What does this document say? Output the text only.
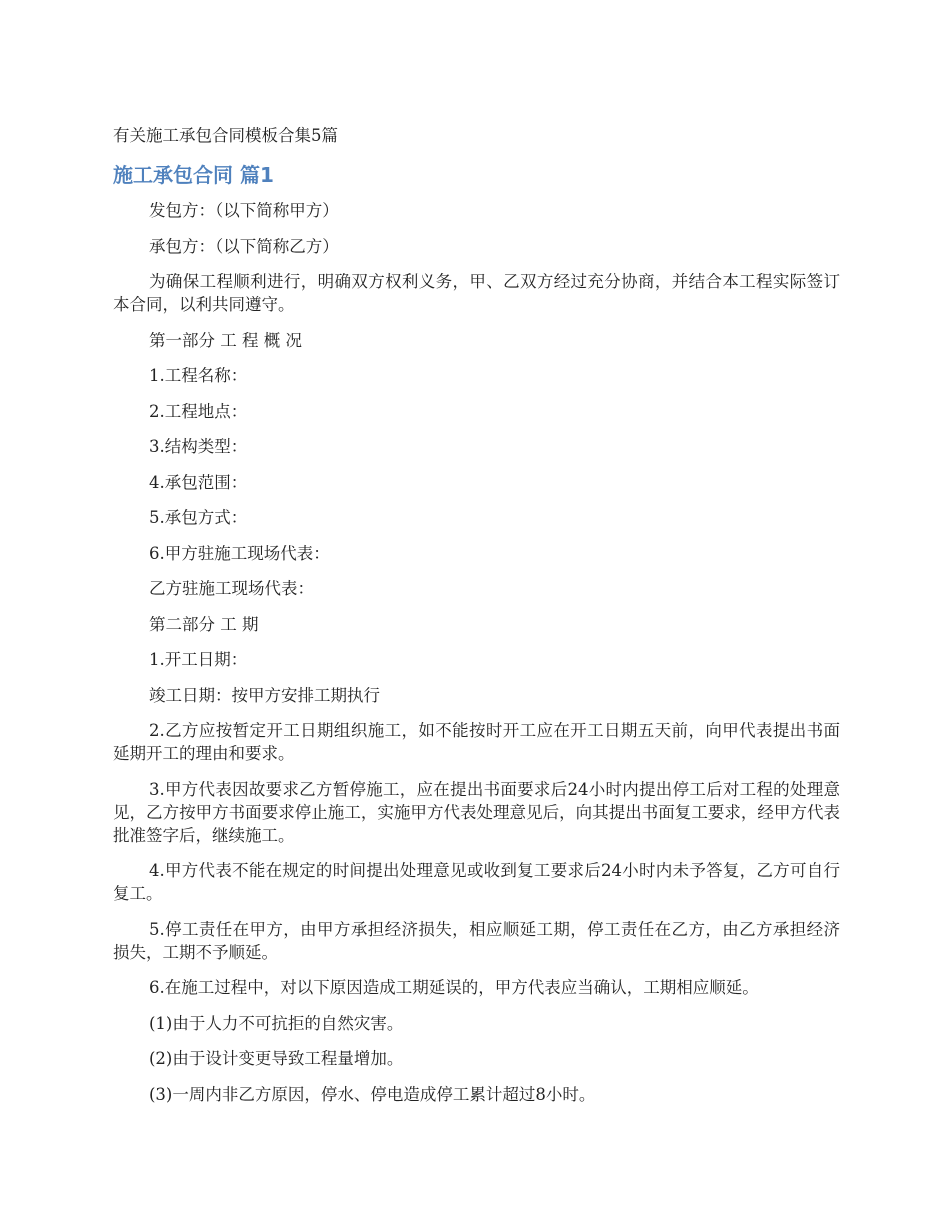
有关施工承包合同模板合集5篇
施工承包合同 篇1

发包方：（以下简称甲方）

承包方：（以下简称乙方）

为确保工程顺利进行，明确双方权利义务，甲、乙双方经过充分协商，并结合本工程实际签订本合同，以利共同遵守。

第一部分 工 程 概 况

1.工程名称：

2.工程地点：

3.结构类型：

4.承包范围：

5.承包方式：

6.甲方驻施工现场代表：

乙方驻施工现场代表：

第二部分 工 期

1.开工日期：

竣工日期：按甲方安排工期执行

2.乙方应按暂定开工日期组织施工，如不能按时开工应在开工日期五天前，向甲代表提出书面延期开工的理由和要求。

3.甲方代表因故要求乙方暂停施工，应在提出书面要求后24小时内提出停工后对工程的处理意见，乙方按甲方书面要求停止施工，实施甲方代表处理意见后，向其提出书面复工要求，经甲方代表批准签字后，继续施工。

4.甲方代表不能在规定的时间提出处理意见或收到复工要求后24小时内未予答复，乙方可自行复工。

5.停工责任在甲方，由甲方承担经济损失，相应顺延工期，停工责任在乙方，由乙方承担经济损失，工期不予顺延。

6.在施工过程中，对以下原因造成工期延误的，甲方代表应当确认，工期相应顺延。

(1)由于人力不可抗拒的自然灾害。

(2)由于设计变更导致工程量增加。

(3)一周内非乙方原因，停水、停电造成停工累计超过8小时。
